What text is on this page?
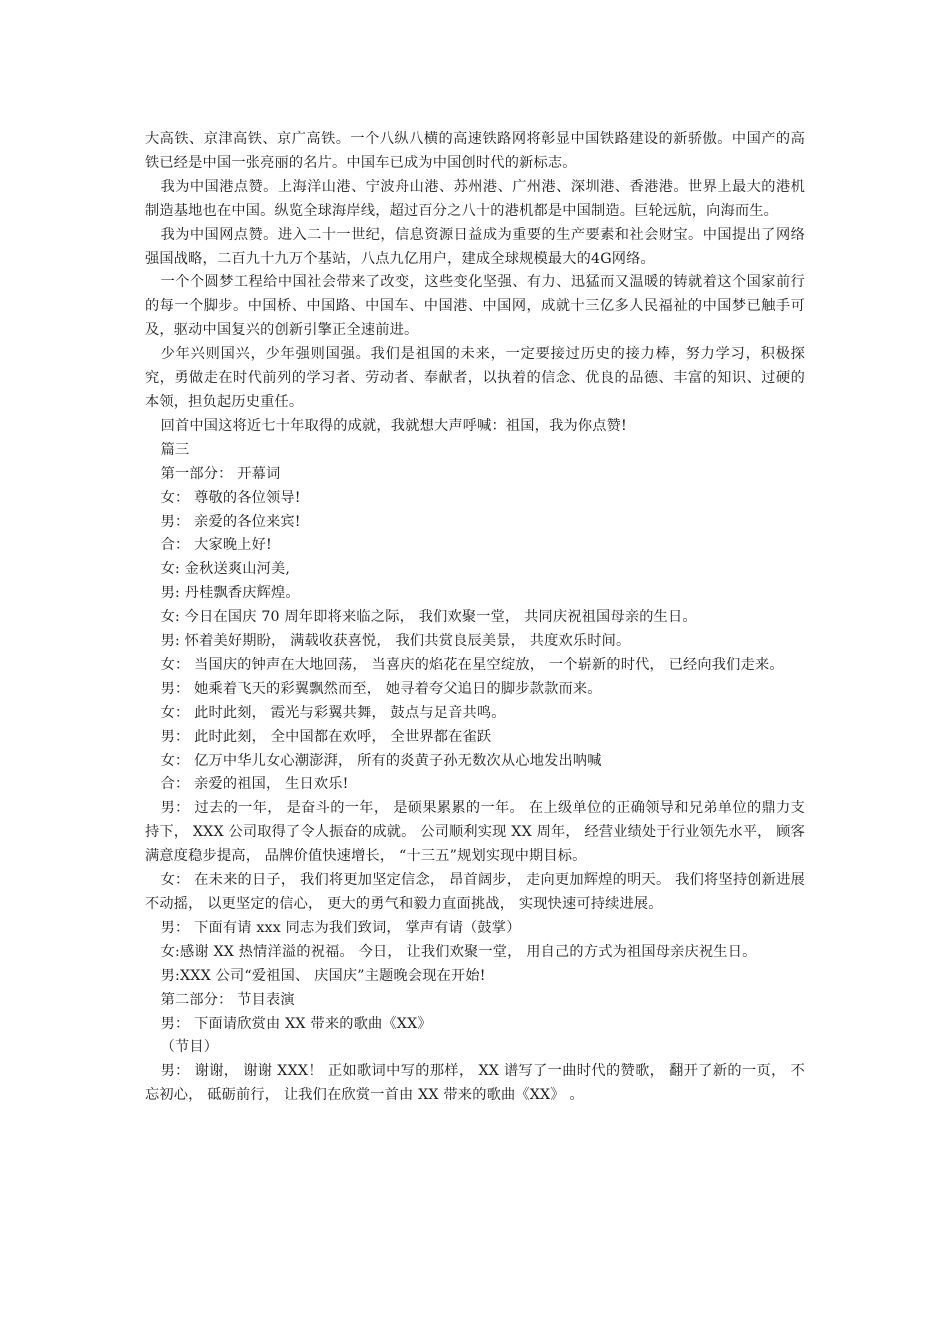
大高铁、京津高铁、京广高铁。一个八纵八横的高速铁路网将彰显中国铁路建设的新骄傲。中国产的高铁已经是中国一张亮丽的名片。中国车已成为中国创时代的新标志。

我为中国港点赞。上海洋山港、宁波舟山港、苏州港、广州港、深圳港、香港港。世界上最大的港机制造基地也在中国。纵览全球海岸线，超过百分之八十的港机都是中国制造。巨轮远航，向海而生。

我为中国网点赞。进入二十一世纪，信息资源日益成为重要的生产要素和社会财宝。中国提出了网络强国战略，二百九十九万个基站，八点九亿用户，建成全球规模最大的4G网络。

一个个圆梦工程给中国社会带来了改变，这些变化坚强、有力、迅猛而又温暖的铸就着这个国家前行的每一个脚步。中国桥、中国路、中国车、中国港、中国网，成就十三亿多人民福祉的中国梦已触手可及，驱动中国复兴的创新引擎正全速前进。

少年兴则国兴，少年强则国强。我们是祖国的未来，一定要接过历史的接力棒，努力学习，积极探究，勇做走在时代前列的学习者、劳动者、奉献者，以执着的信念、优良的品德、丰富的知识、过硬的本领，担负起历史重任。

回首中国这将近七十年取得的成就，我就想大声呼喊：祖国，我为你点赞!

篇三

第一部分： 开幕词

女： 尊敬的各位领导!

男： 亲爱的各位来宾!

合： 大家晚上好!

女: 金秋送爽山河美,

男: 丹桂飘香庆辉煌。

女: 今日在国庆 70 周年即将来临之际， 我们欢聚一堂， 共同庆祝祖国母亲的生日。

男: 怀着美好期盼， 满载收获喜悦， 我们共赏良辰美景， 共度欢乐时间。

女： 当国庆的钟声在大地回荡， 当喜庆的焰花在星空绽放， 一个崭新的时代， 已经向我们走来。

男： 她乘着飞天的彩翼飘然而至， 她寻着夸父追日的脚步款款而来。

女： 此时此刻， 霞光与彩翼共舞， 鼓点与足音共鸣。

男： 此时此刻， 全中国都在欢呼， 全世界都在雀跃

女： 亿万中华儿女心潮澎湃， 所有的炎黄子孙无数次从心地发出呐喊

合： 亲爱的祖国， 生日欢乐!

男： 过去的一年， 是奋斗的一年， 是硕果累累的一年。 在上级单位的正确领导和兄弟单位的鼎力支持下， XXX 公司取得了令人振奋的成就。 公司顺利实现 XX 周年， 经营业绩处于行业领先水平， 顾客满意度稳步提高， 品牌价值快速增长， “十三五”规划实现中期目标。

女： 在未来的日子， 我们将更加坚定信念， 昂首阔步， 走向更加辉煌的明天。 我们将坚持创新进展不动摇， 以更坚定的信心， 更大的勇气和毅力直面挑战， 实现快速可持续进展。

男： 下面有请 xxx 同志为我们致词， 掌声有请（鼓掌）

女:感谢 XX 热情洋溢的祝福。 今日， 让我们欢聚一堂， 用自己的方式为祖国母亲庆祝生日。

男:XXX 公司“爱祖国、 庆国庆”主题晚会现在开始!

第二部分： 节目表演

男： 下面请欣赏由 XX 带来的歌曲《XX》

（节目）

男： 谢谢， 谢谢 XXX！ 正如歌词中写的那样， XX 谱写了一曲时代的赞歌， 翻开了新的一页， 不忘初心， 砥砺前行， 让我们在欣赏一首由 XX 带来的歌曲《XX》 。
